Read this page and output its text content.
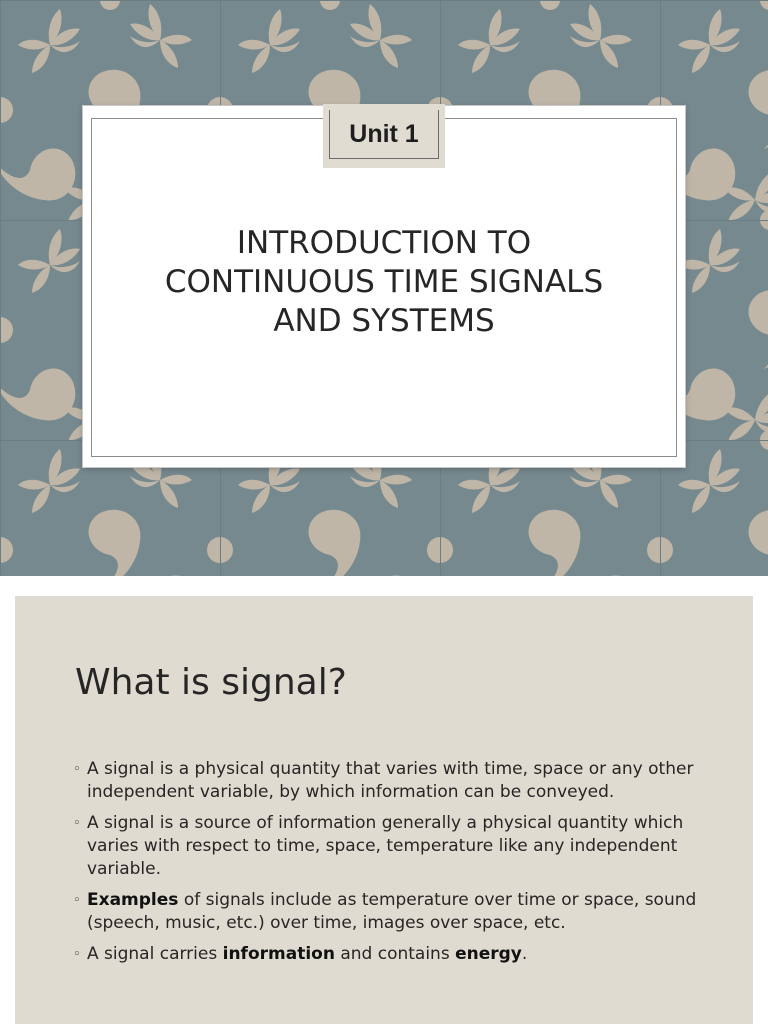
Unit 1
INTRODUCTION TO
CONTINUOUS TIME SIGNALS
AND SYSTEMS
What is signal?
◦ A signal is a physical quantity that varies with time, space or any other independent variable, by which information can be conveyed.
◦ A signal is a source of information generally a physical quantity which varies with respect to time, space, temperature like any independent variable.
◦ Examples of signals include as temperature over time or space, sound (speech, music, etc.) over time, images over space, etc.
◦ A signal carries information and contains energy.
